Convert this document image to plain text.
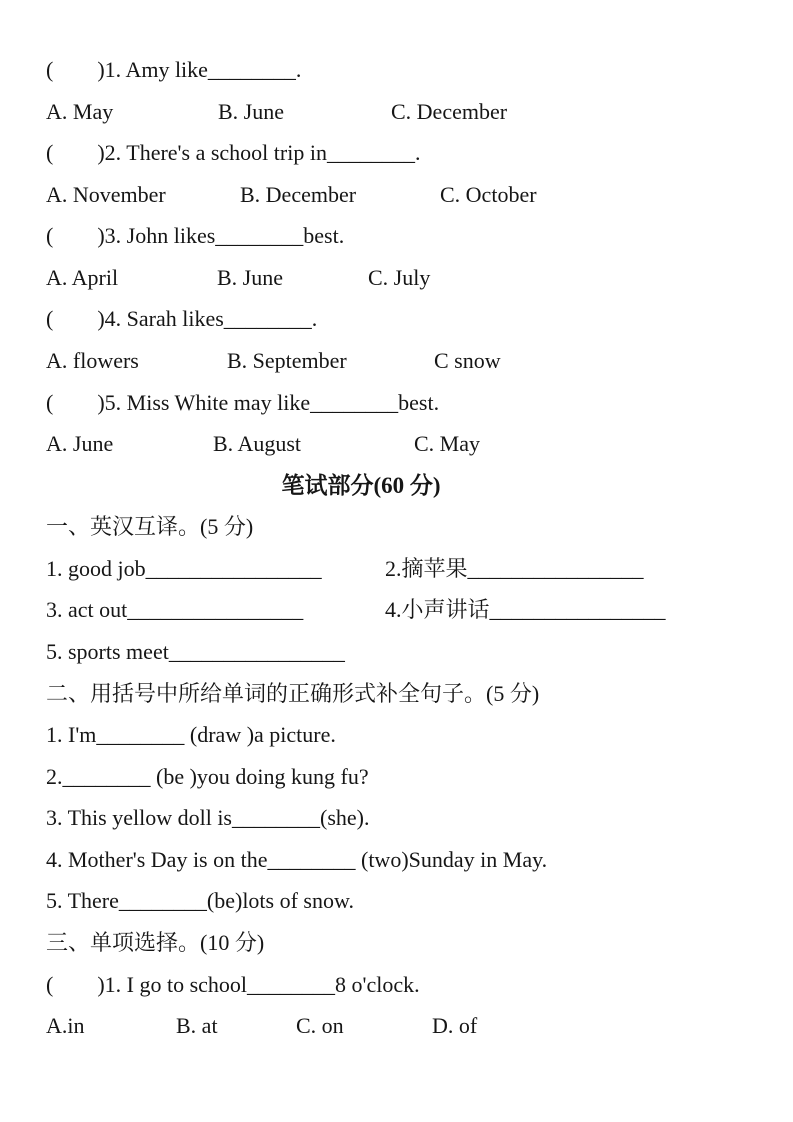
(        )1. Amy like________.

A. May

	B. June

	C. December

(        )2. There's a school trip in________.

A. November

	B. December

	C. October

(        )3. John likes________best.

A. April

	B. June

	C. July

(        )4. Sarah likes________.

A. flowers

	B. September

	C snow

(        )5. Miss White may like________best.

A. June

	B. August

	C. May

笔试部分(60 分)
一、英汉互译。(5 分)

1. good job________________

	2.摘苹果________________

3. act out________________

	4.小声讲话________________

5. sports meet________________

二、用括号中所给单词的正确形式补全句子。(5 分)
1. I'm________ (draw )a picture.
2.________ (be )you doing kung fu?
3. This yellow doll is________(she).
4. Mother's Day is on the________ (two)Sunday in May.
5. There________(be)lots of snow.
三、单项选择。(10 分)
(        )1. I go to school________8 o'clock.

A.in

	B. at

	C. on

	D. of
